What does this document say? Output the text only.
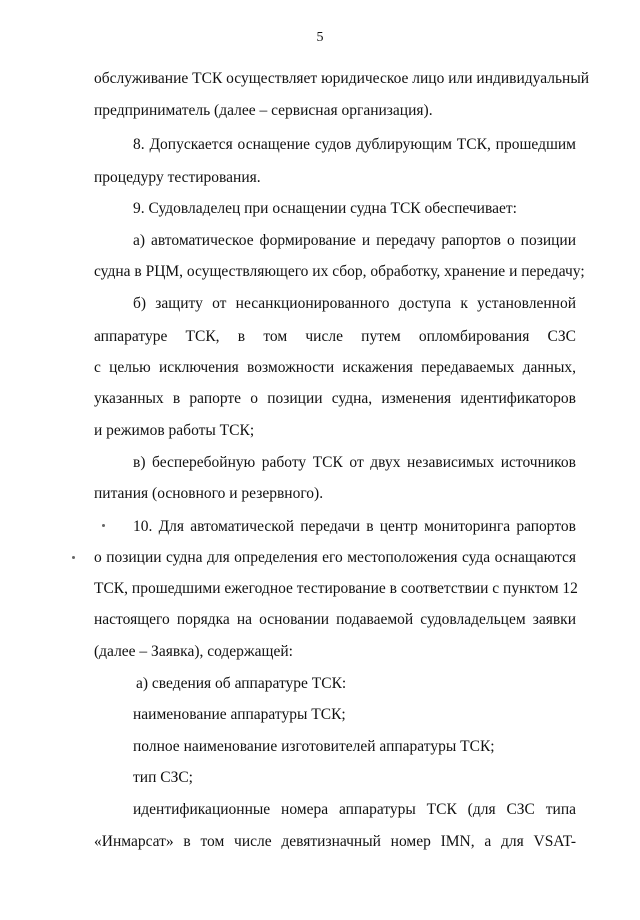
5
обслуживание ТСК осуществляет юридическое лицо или индивидуальный
предприниматель (далее – сервисная организация).
8. Допускается оснащение судов дублирующим ТСК, прошедшим
процедуру тестирования.
9. Судовладелец при оснащении судна ТСК обеспечивает:
а) автоматическое формирование и передачу рапортов о позиции
судна в РЦМ, осуществляющего их сбор, обработку, хранение и передачу;
б) защиту от несанкционированного доступа к установленной
аппаратуре ТСК, в том числе путем опломбирования СЗС
с целью исключения возможности искажения передаваемых данных,
указанных в рапорте о позиции судна, изменения идентификаторов
и режимов работы ТСК;
в) бесперебойную работу ТСК от двух независимых источников
питания (основного и резервного).
10. Для автоматической передачи в центр мониторинга рапортов
о позиции судна для определения его местоположения суда оснащаются
ТСК, прошедшими ежегодное тестирование в соответствии с пунктом 12
настоящего порядка на основании подаваемой судовладельцем заявки
(далее – Заявка), содержащей:
а) сведения об аппаратуре ТСК:
наименование аппаратуры ТСК;
полное наименование изготовителей аппаратуры ТСК;
тип СЗС;
идентификационные номера аппаратуры ТСК (для СЗС типа
«Инмарсат» в том числе девятизначный номер IMN, а для VSAT-
